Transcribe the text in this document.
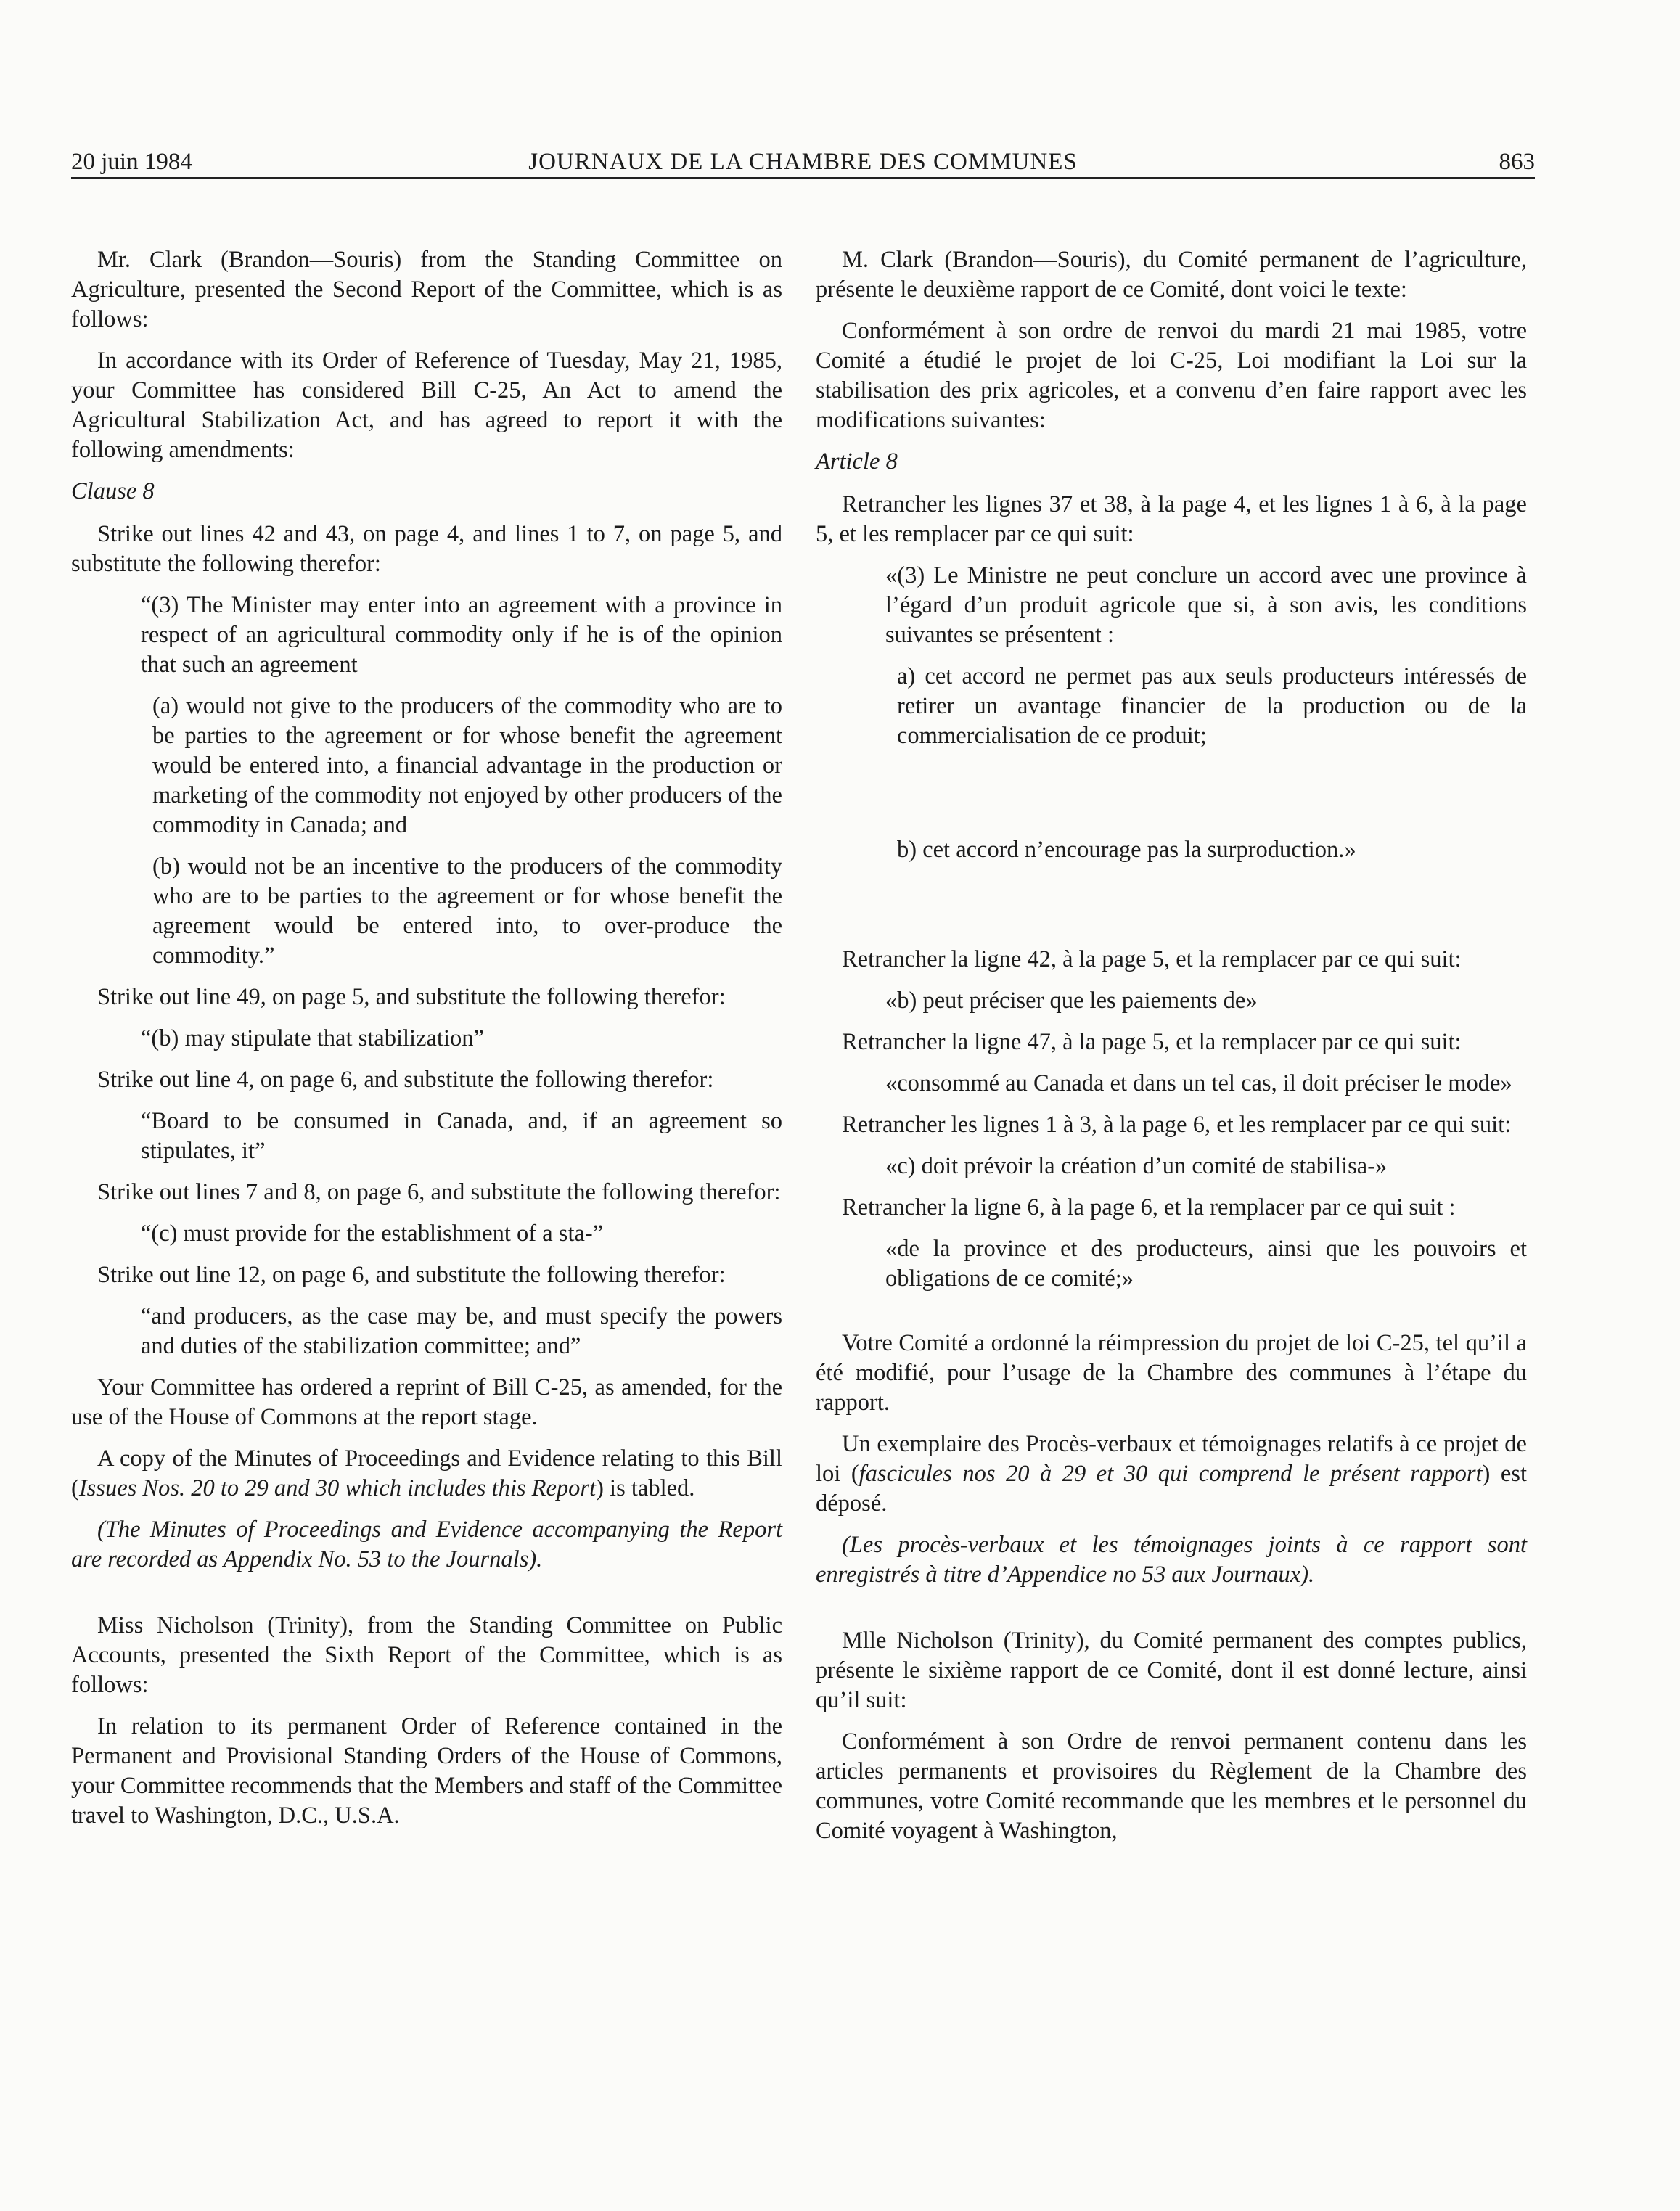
20 juin 1984	JOURNAUX DE LA CHAMBRE DES COMMUNES	863

Mr. Clark (Brandon—Souris) from the Standing Committee on Agriculture, presented the Second Report of the Committee, which is as follows:

In accordance with its Order of Reference of Tuesday, May 21, 1985, your Committee has considered Bill C-25, An Act to amend the Agricultural Stabilization Act, and has agreed to report it with the following amendments:

Clause 8

Strike out lines 42 and 43, on page 4, and lines 1 to 7, on page 5, and substitute the following therefor:

“(3) The Minister may enter into an agreement with a province in respect of an agricultural commodity only if he is of the opinion that such an agreement

(a) would not give to the producers of the commodity who are to be parties to the agreement or for whose benefit the agreement would be entered into, a financial advantage in the production or marketing of the commodity not enjoyed by other producers of the commodity in Canada; and

(b) would not be an incentive to the producers of the commodity who are to be parties to the agreement or for whose benefit the agreement would be entered into, to over-produce the commodity.”

Strike out line 49, on page 5, and substitute the following therefor:

“(b) may stipulate that stabilization”

Strike out line 4, on page 6, and substitute the following therefor:

“Board to be consumed in Canada, and, if an agreement so stipulates, it”

Strike out lines 7 and 8, on page 6, and substitute the following therefor:

“(c) must provide for the establishment of a sta-”

Strike out line 12, on page 6, and substitute the following therefor:

“and producers, as the case may be, and must specify the powers and duties of the stabilization committee; and”

Your Committee has ordered a reprint of Bill C-25, as amended, for the use of the House of Commons at the report stage.

A copy of the Minutes of Proceedings and Evidence relating to this Bill (Issues Nos. 20 to 29 and 30 which includes this Report) is tabled.

(The Minutes of Proceedings and Evidence accompanying the Report are recorded as Appendix No. 53 to the Journals).

Miss Nicholson (Trinity), from the Standing Committee on Public Accounts, presented the Sixth Report of the Committee, which is as follows:

In relation to its permanent Order of Reference contained in the Permanent and Provisional Standing Orders of the House of Commons, your Committee recommends that the Members and staff of the Committee travel to Washington, D.C., U.S.A.

M. Clark (Brandon—Souris), du Comité permanent de l’agriculture, présente le deuxième rapport de ce Comité, dont voici le texte:

Conformément à son ordre de renvoi du mardi 21 mai 1985, votre Comité a étudié le projet de loi C-25, Loi modifiant la Loi sur la stabilisation des prix agricoles, et a convenu d’en faire rapport avec les modifications suivantes:

Article 8

Retrancher les lignes 37 et 38, à la page 4, et les lignes 1 à 6, à la page 5, et les remplacer par ce qui suit:

«(3) Le Ministre ne peut conclure un accord avec une province à l’égard d’un produit agricole que si, à son avis, les conditions suivantes se présentent :

a) cet accord ne permet pas aux seuls producteurs intéressés de retirer un avantage financier de la production ou de la commercialisation de ce produit;

b) cet accord n’encourage pas la surproduction.»

Retrancher la ligne 42, à la page 5, et la remplacer par ce qui suit:

«b) peut préciser que les paiements de»

Retrancher la ligne 47, à la page 5, et la remplacer par ce qui suit:

«consommé au Canada et dans un tel cas, il doit préciser le mode»

Retrancher les lignes 1 à 3, à la page 6, et les remplacer par ce qui suit:

«c) doit prévoir la création d’un comité de stabilisa-»

Retrancher la ligne 6, à la page 6, et la remplacer par ce qui suit :

«de la province et des producteurs, ainsi que les pouvoirs et obligations de ce comité;»

Votre Comité a ordonné la réimpression du projet de loi C-25, tel qu’il a été modifié, pour l’usage de la Chambre des communes à l’étape du rapport.

Un exemplaire des Procès-verbaux et témoignages relatifs à ce projet de loi (fascicules nos 20 à 29 et 30 qui comprend le présent rapport) est déposé.

(Les procès-verbaux et les témoignages joints à ce rapport sont enregistrés à titre d’Appendice no 53 aux Journaux).

Mlle Nicholson (Trinity), du Comité permanent des comptes publics, présente le sixième rapport de ce Comité, dont il est donné lecture, ainsi qu’il suit:

Conformément à son Ordre de renvoi permanent contenu dans les articles permanents et provisoires du Règlement de la Chambre des communes, votre Comité recommande que les membres et le personnel du Comité voyagent à Washington,
